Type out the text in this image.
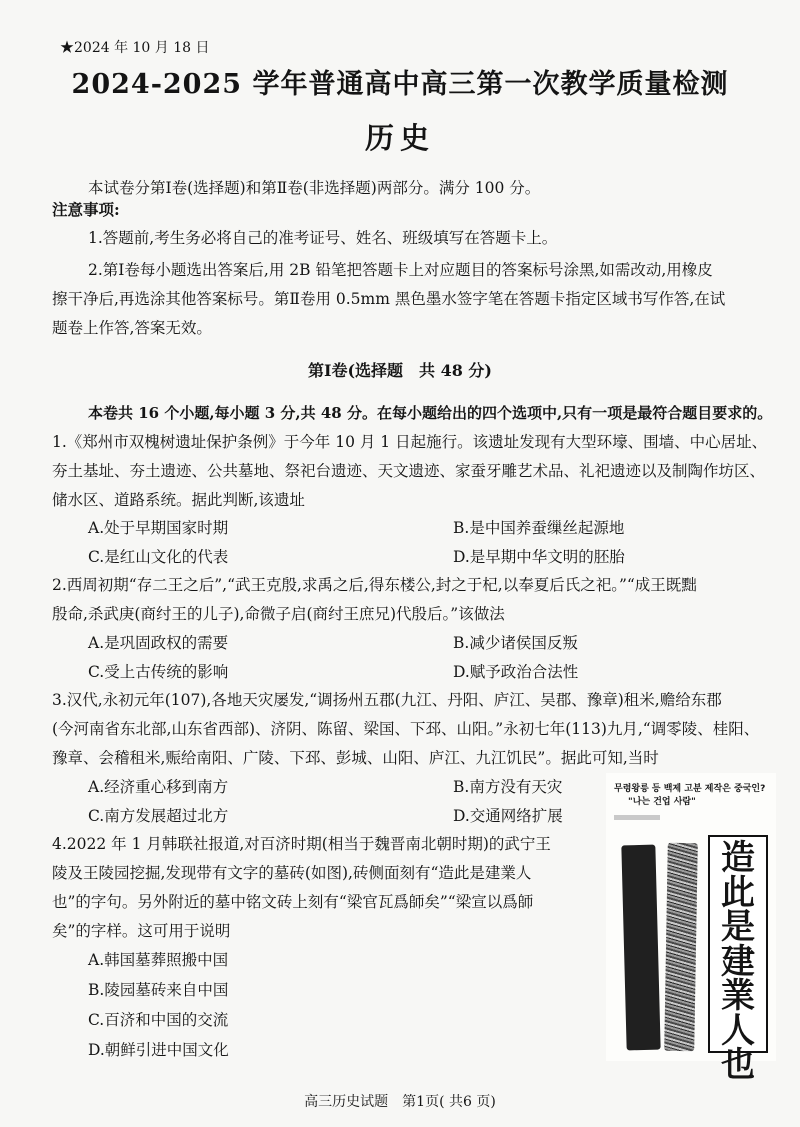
★2024 年 10 月 18 日
2024-2025 学年普通高中高三第一次教学质量检测
历史
本试卷分第Ⅰ卷(选择题)和第Ⅱ卷(非选择题)两部分。满分 100 分。
注意事项:
1.答题前,考生务必将自己的准考证号、姓名、班级填写在答题卡上。
2.第Ⅰ卷每小题选出答案后,用 2B 铅笔把答题卡上对应题目的答案标号涂黑,如需改动,用橡皮
擦干净后,再选涂其他答案标号。第Ⅱ卷用 0.5mm 黑色墨水签字笔在答题卡指定区域书写作答,在试
题卷上作答,答案无效。
第Ⅰ卷(选择题　共 48 分)
本卷共 16 个小题,每小题 3 分,共 48 分。在每小题给出的四个选项中,只有一项是最符合题目要求的。
1.《郑州市双槐树遗址保护条例》于今年 10 月 1 日起施行。该遗址发现有大型环壕、围墙、中心居址、
夯土基址、夯土遗迹、公共墓地、祭祀台遗迹、天文遗迹、家蚕牙雕艺术品、礼祀遗迹以及制陶作坊区、
储水区、道路系统。据此判断,该遗址
A.处于早期国家时期	B.是中国养蚕缫丝起源地
C.是红山文化的代表	D.是早期中华文明的胚胎
2.西周初期“存二王之后”,“武王克殷,求禹之后,得东楼公,封之于杞,以奉夏后氏之祀。”“成王既黜
殷命,杀武庚(商纣王的儿子),命微子启(商纣王庶兄)代殷后。”该做法
A.是巩固政权的需要	B.减少诸侯国反叛
C.受上古传统的影响	D.赋予政治合法性
3.汉代,永初元年(107),各地天灾屡发,“调扬州五郡(九江、丹阳、庐江、吴郡、豫章)租米,赡给东郡
(今河南省东北部,山东省西部)、济阴、陈留、梁国、下邳、山阳。”永初七年(113)九月,“调零陵、桂阳、
豫章、会稽租米,赈给南阳、广陵、下邳、彭城、山阳、庐江、九江饥民”。据此可知,当时
A.经济重心移到南方	B.南方没有天灾
C.南方发展超过北方	D.交通网络扩展
4.2022 年 1 月韩联社报道,对百济时期(相当于魏晋南北朝时期)的武宁王
陵及王陵园挖掘,发现带有文字的墓砖(如图),砖侧面刻有“造此是建業人
也”的字句。另外附近的墓中铭文砖上刻有“梁官瓦爲師矣”“梁宣以爲師
矣”的字样。这可用于说明
A.韩国墓葬照搬中国
B.陵园墓砖来自中国
C.百济和中国的交流
D.朝鲜引进中国文化
무령왕릉 등 백제 고분 제작은 중국인?
"나는 건업 사람"
造
此
是
建
業
人
也
高三历史试题　第1页( 共6 页)
